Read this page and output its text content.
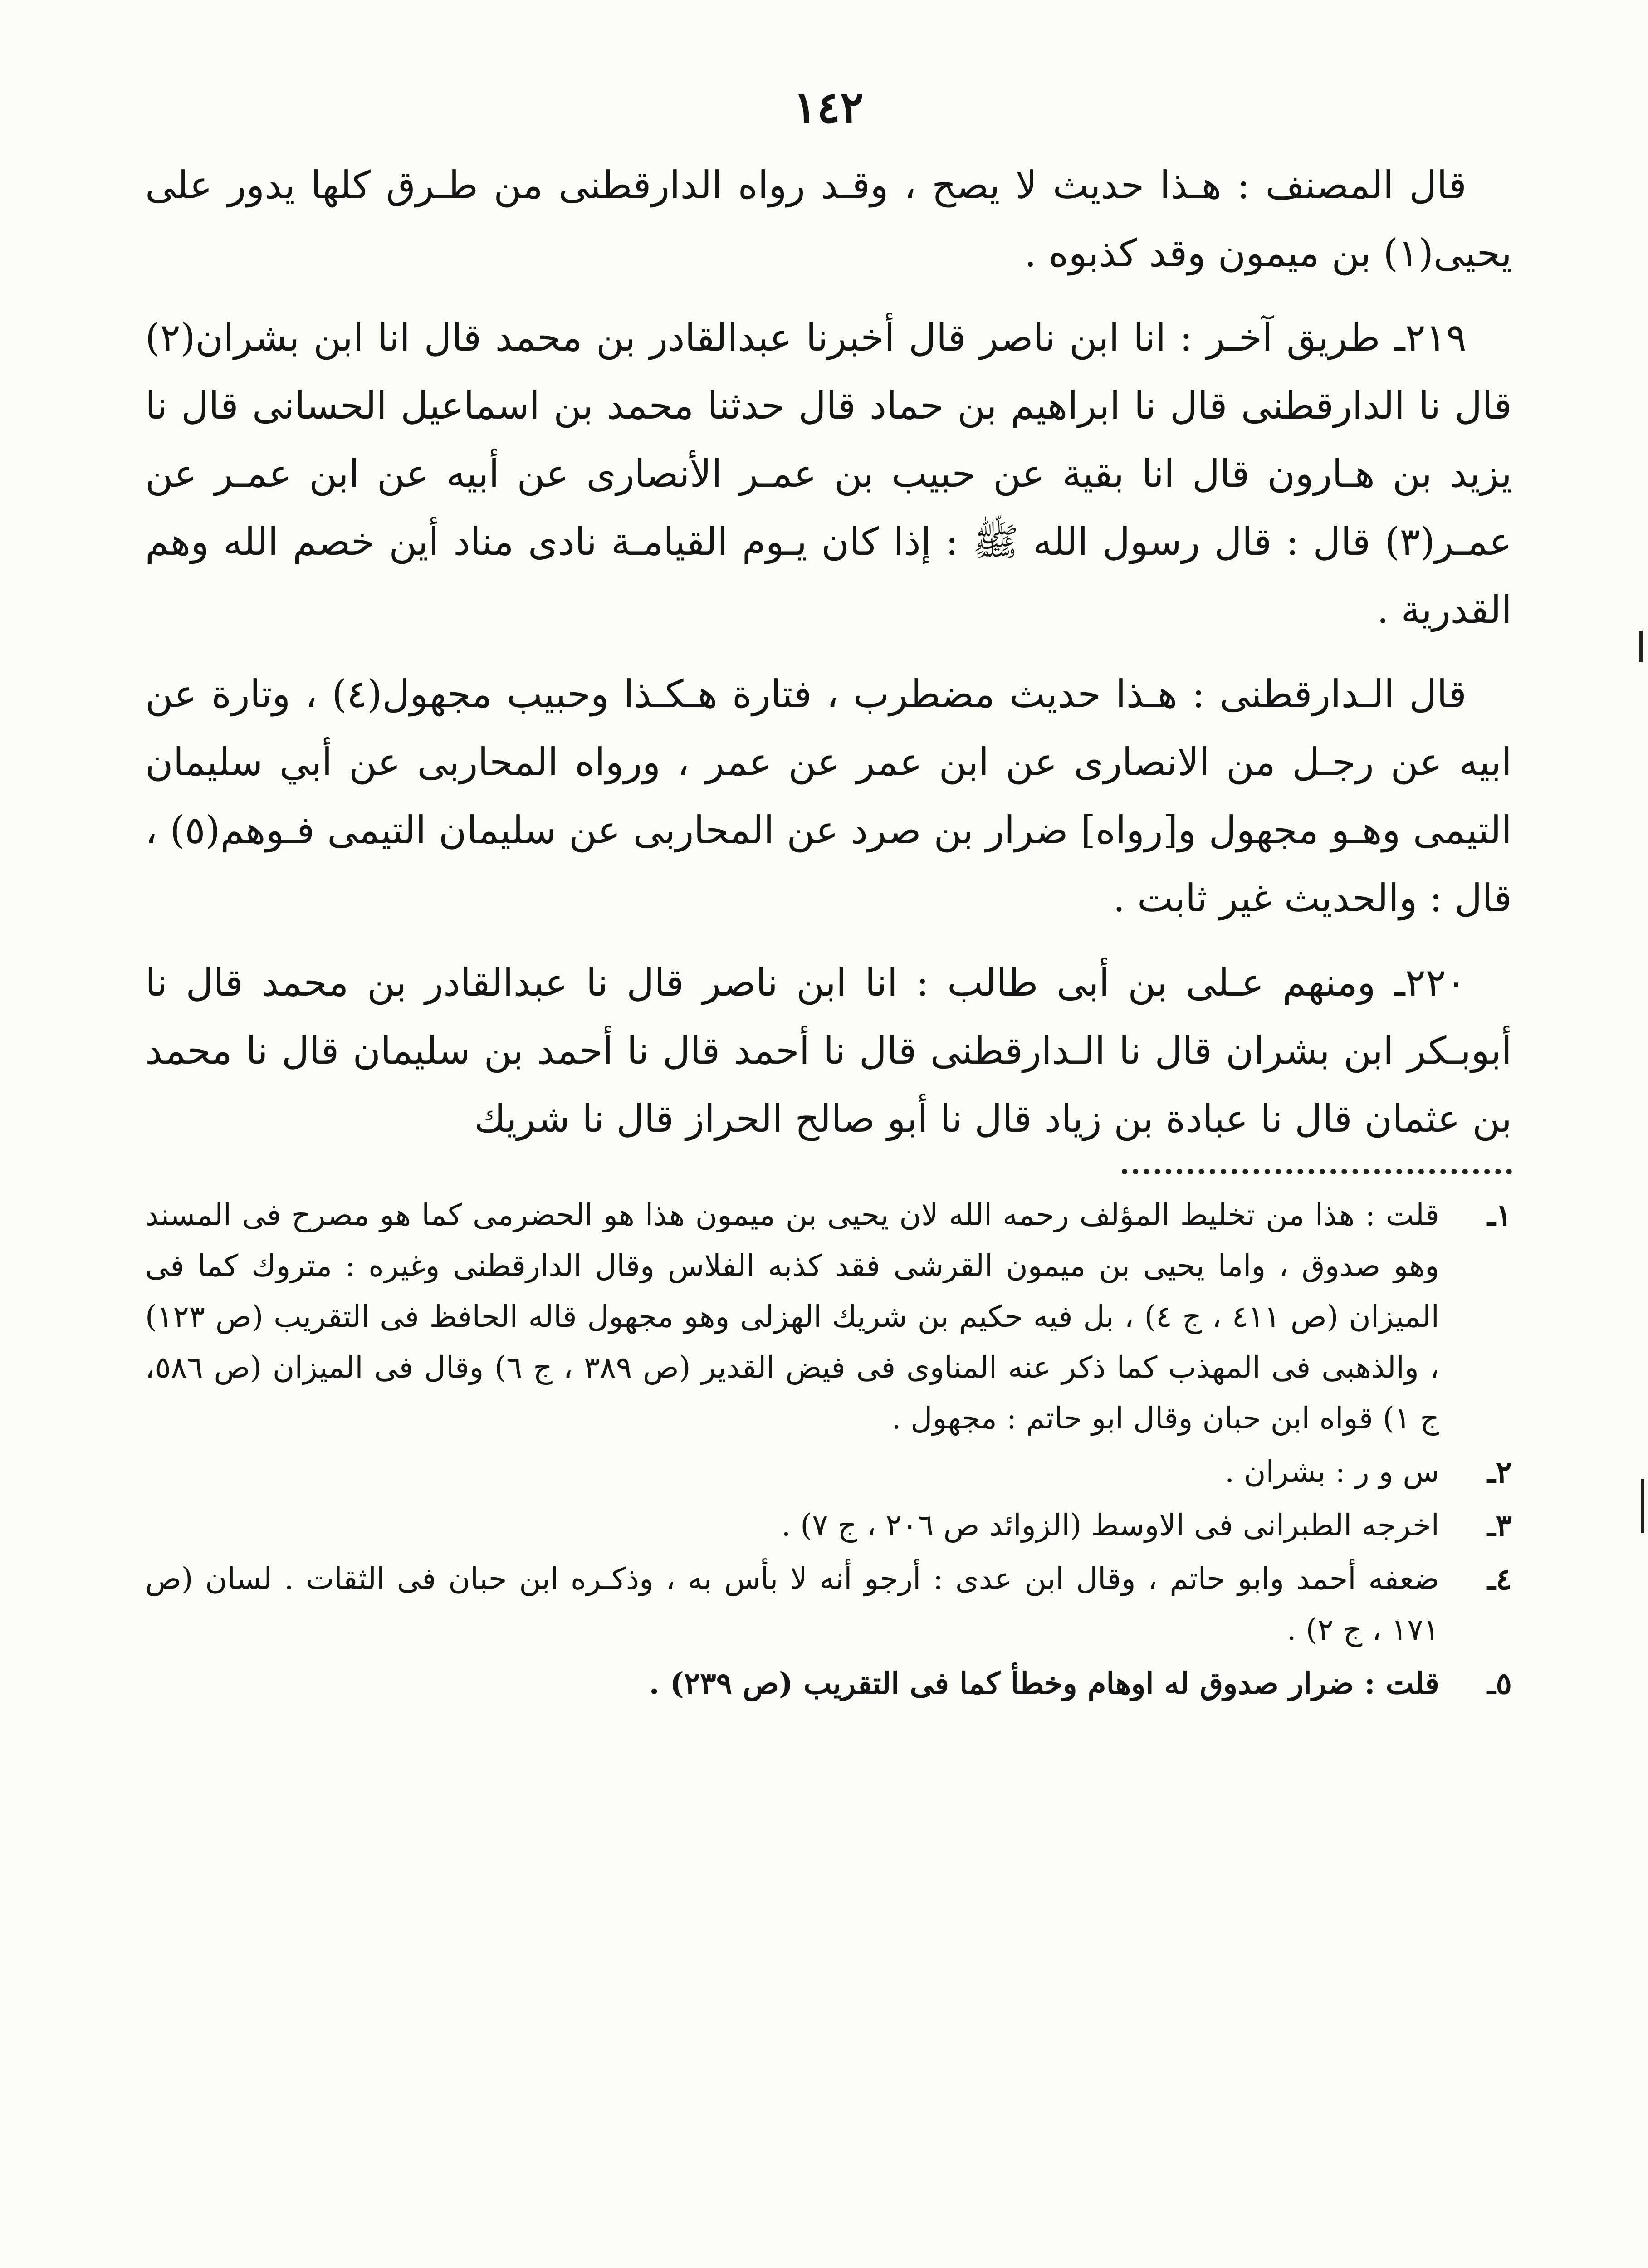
١٤٢

قال المصنف : هـذا حديث لا يصح ، وقـد رواه الدارقطنى من طـرق كلها يدور على يحيى(١) بن ميمون وقد كذبوه .

٢١٩ـ طريق آخـر : انا ابن ناصر قال أخبرنا عبدالقادر بن محمد قال انا ابن بشران(٢) قال نا الدارقطنى قال نا ابراهيم بن حماد قال حدثنا محمد بن اسماعيل الحسانى قال نا يزيد بن هـارون قال انا بقية عن حبيب بن عمـر الأنصارى عن أبيه عن ابن عمـر عن عمـر(٣) قال : قال رسول الله ﷺ : إذا كان يـوم القيامـة نادى مناد أين خصم الله وهم القدرية .

قال الـدارقطنى : هـذا حديث مضطرب ، فتارة هـكـذا وحبيب مجهول(٤) ، وتارة عن ابيه عن رجـل من الانصارى عن ابن عمر عن عمر ، ورواه المحاربى عن أبي سليمان التيمى وهـو مجهول و[رواه] ضرار بن صرد عن المحاربى عن سليمان التيمى فـوهم(٥) ، قال : والحديث غير ثابت .

٢٢٠ـ ومنهم عـلى بن أبى طالب : انا ابن ناصر قال نا عبدالقادر بن محمد قال نا أبوبـكر ابن بشران قال نا الـدارقطنى قال نا أحمد قال نا أحمد بن سليمان قال نا محمد بن عثمان قال نا عبادة بن زياد قال نا أبو صالح الحراز قال نا شريك

١ـ
قلت : هذا من تخليط المؤلف رحمه الله لان يحيى بن ميمون هذا هو الحضرمى كما هو مصرح فى المسند وهو صدوق ، واما يحيى بن ميمون القرشى فقد كذبه الفلاس وقال الدارقطنى وغيره : متروك كما فى الميزان (ص ٤١١ ، ج ٤) ، بل فيه حكيم بن شريك الهزلى وهو مجهول قاله الحافظ فى التقريب (ص ١٢٣) ، والذهبى فى المهذب كما ذكر عنه المناوى فى فيض القدير (ص ٣٨٩ ، ج ٦) وقال فى الميزان (ص ٥٨٦، ج ١) قواه ابن حبان وقال ابو حاتم : مجهول .
٢ـ
س و ر : بشران .
٣ـ
اخرجه الطبرانى فى الاوسط (الزوائد ص ٢٠٦ ، ج ٧) .
٤ـ
ضعفه أحمد وابو حاتم ، وقال ابن عدى : أرجو أنه لا بأس به ، وذكـره ابن حبان فى الثقات . لسان (ص ١٧١ ، ج ٢) .
٥ـ
قلت : ضرار صدوق له اوهام وخطأ كما فى التقريب (ص ٢٣٩) .
